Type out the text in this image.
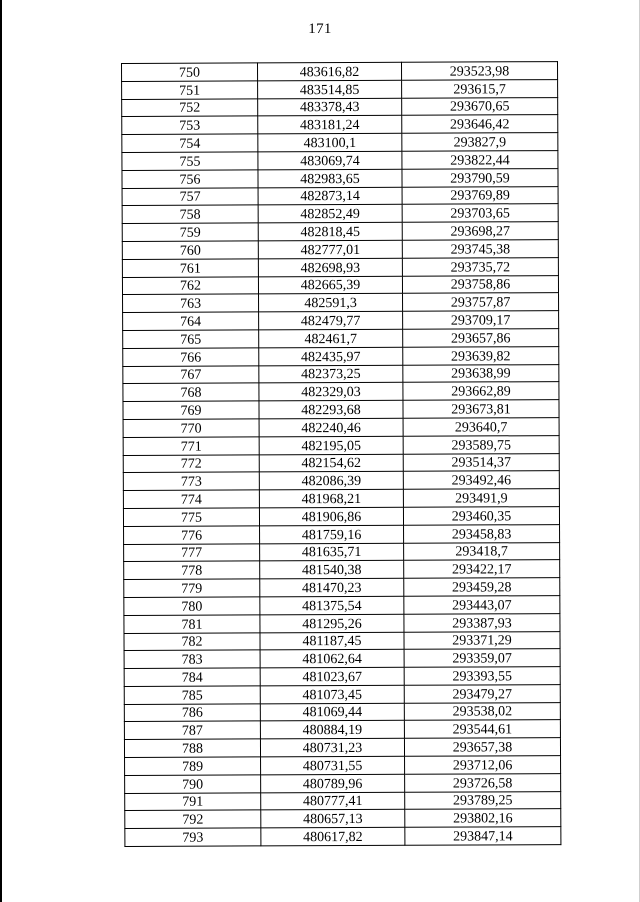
171
750	483616,82	293523,98
751	483514,85	293615,7
752	483378,43	293670,65
753	483181,24	293646,42
754	483100,1	293827,9
755	483069,74	293822,44
756	482983,65	293790,59
757	482873,14	293769,89
758	482852,49	293703,65
759	482818,45	293698,27
760	482777,01	293745,38
761	482698,93	293735,72
762	482665,39	293758,86
763	482591,3	293757,87
764	482479,77	293709,17
765	482461,7	293657,86
766	482435,97	293639,82
767	482373,25	293638,99
768	482329,03	293662,89
769	482293,68	293673,81
770	482240,46	293640,7
771	482195,05	293589,75
772	482154,62	293514,37
773	482086,39	293492,46
774	481968,21	293491,9
775	481906,86	293460,35
776	481759,16	293458,83
777	481635,71	293418,7
778	481540,38	293422,17
779	481470,23	293459,28
780	481375,54	293443,07
781	481295,26	293387,93
782	481187,45	293371,29
783	481062,64	293359,07
784	481023,67	293393,55
785	481073,45	293479,27
786	481069,44	293538,02
787	480884,19	293544,61
788	480731,23	293657,38
789	480731,55	293712,06
790	480789,96	293726,58
791	480777,41	293789,25
792	480657,13	293802,16
793	480617,82	293847,14
